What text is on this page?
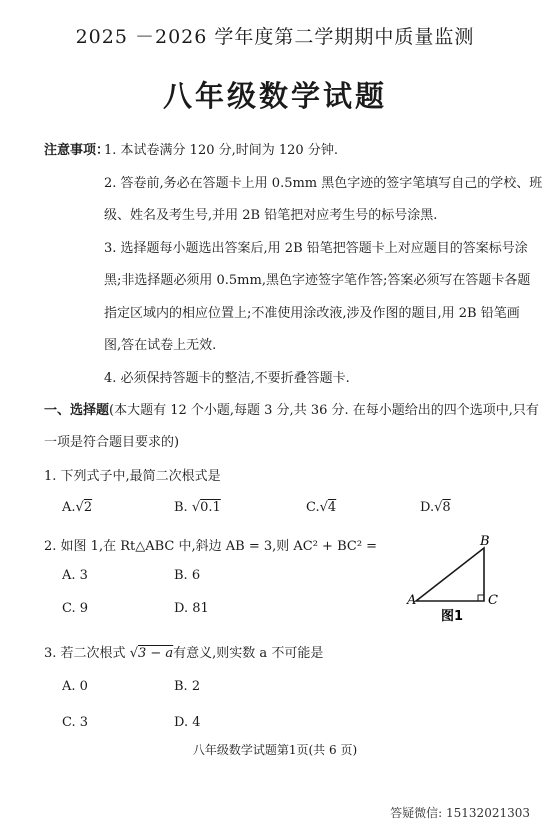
2025 －2026 学年度第二学期期中质量监测
八年级数学试题
注意事项：
1. 本试卷满分 120 分,时间为 120 分钟.
2. 答卷前,务必在答题卡上用 0.5mm 黑色字迹的签字笔填写自己的学校、班
级、姓名及考生号,并用 2B 铅笔把对应考生号的标号涂黑.
3. 选择题每小题选出答案后,用 2B 铅笔把答题卡上对应题目的答案标号涂
黑;非选择题必须用 0.5mm,黑色字迹签字笔作答;答案必须写在答题卡各题
指定区域内的相应位置上;不准使用涂改液,涉及作图的题目,用 2B 铅笔画
图,答在试卷上无效.
4. 必须保持答题卡的整洁,不要折叠答题卡.
一、选择题(本大题有 12 个小题,每题 3 分,共 36 分. 在每小题给出的四个选项中,只有
一项是符合题目要求的)
1. 下列式子中,最简二次根式是
A.√2	B. √0.1	C.√4	D.√8
2. 如图 1,在 Rt△ABC 中,斜边 AB = 3,则 AC² + BC² =
A. 3	B. 6
C. 9	D. 81
A
B
C
图1
3. 若二次根式 √3 − a有意义,则实数 a 不可能是
A. 0	B. 2
C. 3	D. 4
八年级数学试题第1页(共 6 页)
答疑微信: 15132021303
